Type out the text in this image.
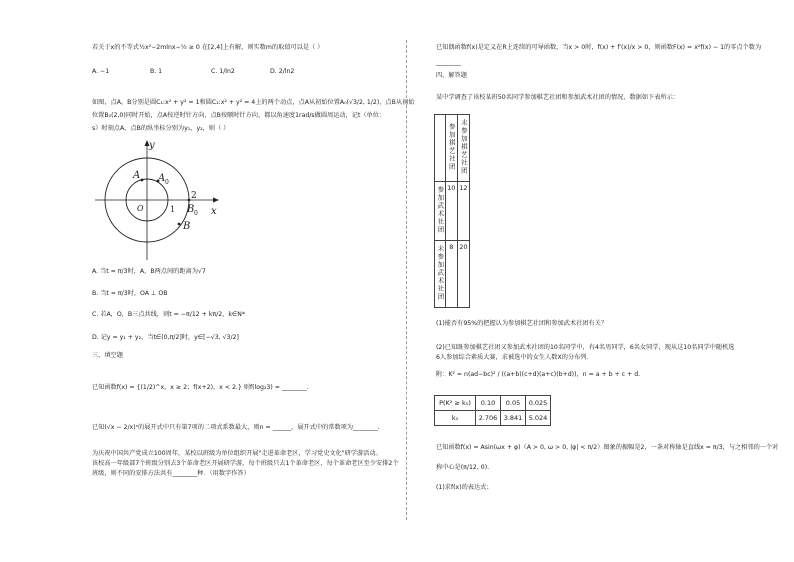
若关于x的不等式½x²−2mlnx−½ ≥ 0 在[2,4]上有解，则实数m的取值可以是（ ）
A. −1	B. 1	C. 1/ln2	D. 2/ln2
如图，点A，B分别是圆C₁:x² + y² = 1和圆C₂:x² + y² = 4上的两个动点，点A从初始位置A₀(√3/2, 1/2)，点B从初始
位置B₀(2,0)同时开始，点A按逆时针方向，点B按顺时针方向，都以角速度1rad/s做圆周运动，记t（单位：
s）时刻点A，点B的纵坐标分别为y₁，y₂，则（ ）
y
x
O
A A 0
B 0
B
1
2
A. 当t = π/3时，A，B两点间的距离为√7
B. 当t = π/3时，OA ⊥ OB
C. 若A，O，B三点共线，则t = −π/12 + kπ/2，k∈N*
D. 记y = y₁ + y₂，当t∈(0,π/2]时，y∈[−√3, √3/2]
三、填空题
已知函数f(x) = {(1/2)^x，x ≥ 2；f(x+2)，x < 2.} 则f(log₂3) = ________.
已知(√x − 2/x)ⁿ的展开式中只有第7项的二项式系数最大，则n = ______，展开式中的常数项为________.
为庆祝中国共产党成立100周年，某校以班级为单位组织开展"走进革命老区，学习党史文化"研学游活动。
该校高一年级部7个班级分别去3个革命老区开展研学游，每个班级只去1个革命老区，每个革命老区至少安排2个
班级，则不同的安排方法共有________种．（用数字作答）
已知偶函数f(x)是定义在R上连续的可导函数，当x > 0时，f(x) + f′(x)/x > 0，则函数F(x) = x²f(x) − 1的零点个数为
________
四、解答题
某中学调查了该校某班50名同学参加棋艺社团和参加武术社团的情况，数据如下表所示：
	参加棋艺社团	未参加棋艺社团
参加武术社团	10	12
未参加武术社团	8	20
(1)能否有95%的把握认为参加棋艺社团和参加武术社团有关？
(2)已知既参加棋艺社团又参加武术社团的10名同学中，有4名男同学，6名女同学，现从这10名同学中随机选
6人参加综合素质大赛，求被选中的女生人数X的分布列．
附：K² = n(ad−bc)² / ((a+b)(c+d)(a+c)(b+d))，n = a + b + c + d.
P(K² ≥ k₀)	0.10	0.05	0.025
k₀	2.706	3.841	5.024
已知函数f(x) = Asin(ωx + φ)（A > 0, ω > 0, |φ| < π/2）图象的振幅是2，一条对称轴是直线x = π/3，与之相邻的一个对
称中心是(π/12, 0).
(1)求f(x)的表达式；
